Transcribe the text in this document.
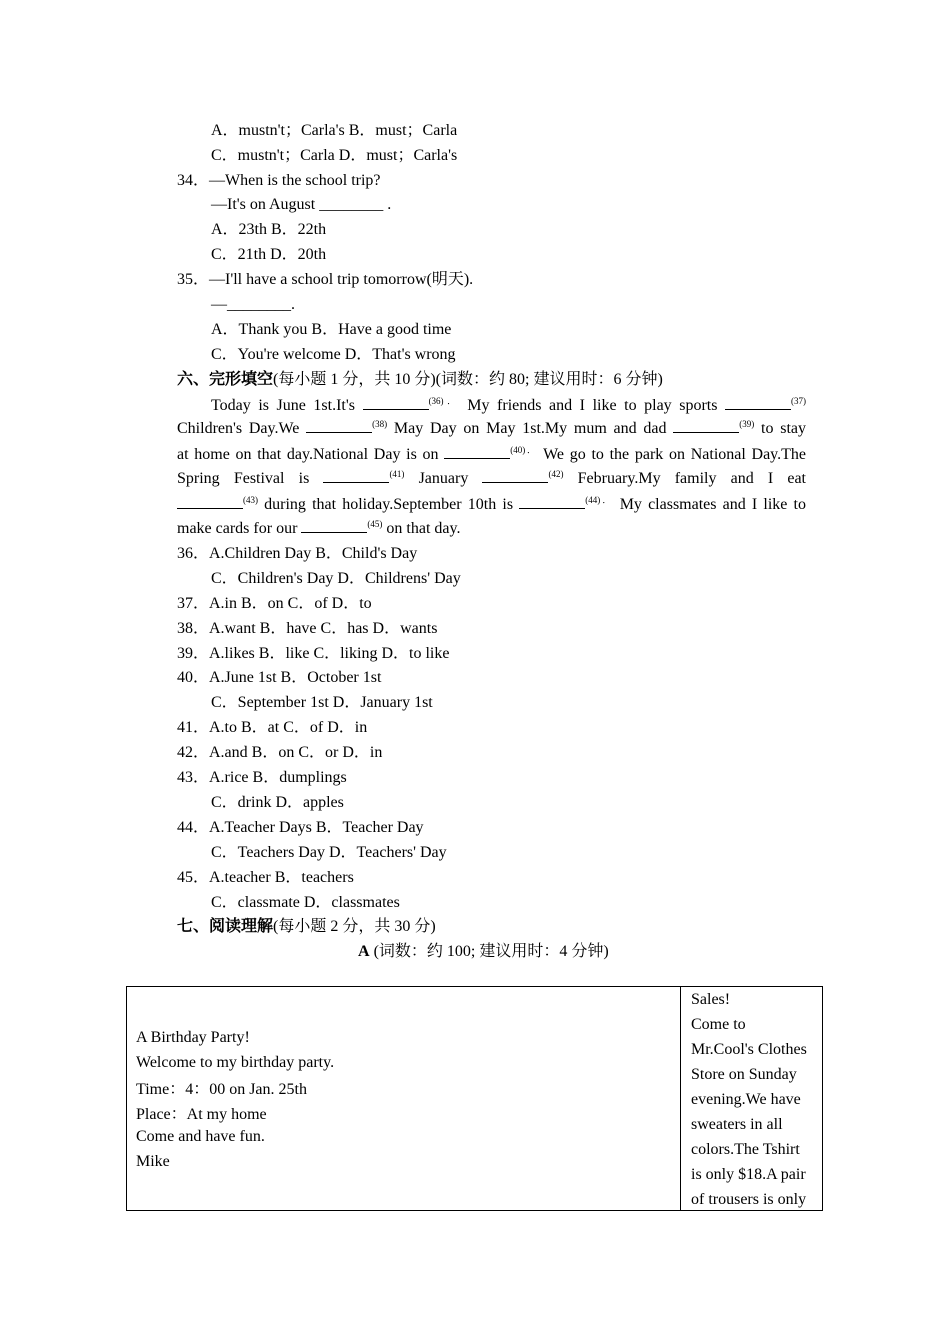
A．mustn't；Carla's B．must；Carla
C．mustn't；Carla D．must；Carla's
34．—When is the school trip?
—It's on August ________ .
A．23th B．22th
C．21th D．20th
35．—I'll have a school trip tomorrow(明天).
—________.
A．Thank you B．Have a good time
C．You're welcome D．That's wrong
六、完形填空(每小题 1 分，共 10 分)(词数：约 80; 建议用时：6 分钟)
Today is June 1st.It's	$^{(36).}$ My friends and I like to play sports	$^{(37)}$
Children's Day.We	$^{(38)}$ May Day on May 1st.My mum and dad	$^{(39)}$ to stay
at home on that day.National Day is on	$^{(40).}$ We go to the park on National Day.The
Spring Festival is	$^{(41)}$ January	$^{(42)}$ February.My family and I eat
$^{(43)}$ during that holiday.September 10th is	$^{(44).}$ My classmates and I like to
make cards for our	$^{(45)}$ on that day.
36．A.Children Day B．Child's Day
C．Children's Day D．Childrens' Day
37．A.in B．on C．of D．to
38．A.want B．have C．has D．wants
39．A.likes B．like C．liking D．to like
40．A.June 1st B．October 1st
C．September 1st D．January 1st
41．A.to B．at C．of D．in
42．A.and B．on C．or D．in
43．A.rice B．dumplings
C．drink D．apples
44．A.Teacher Days B．Teacher Day
C．Teachers Day D．Teachers' Day
45．A.teacher B．teachers
C．classmate D．classmates
七、阅读理解(每小题 2 分，共 30 分)
A (词数：约 100; 建议用时：4 分钟)
A Birthday Party!
Welcome to my birthday party.
Time：4：00 on Jan. 25th
Place：At my home
Come and have fun.
Mike
Sales!
Come to
Mr.Cool's Clothes
Store on Sunday
evening.We have
sweaters in all
colors.The Tshirt
is only $18.A pair
of trousers is only
